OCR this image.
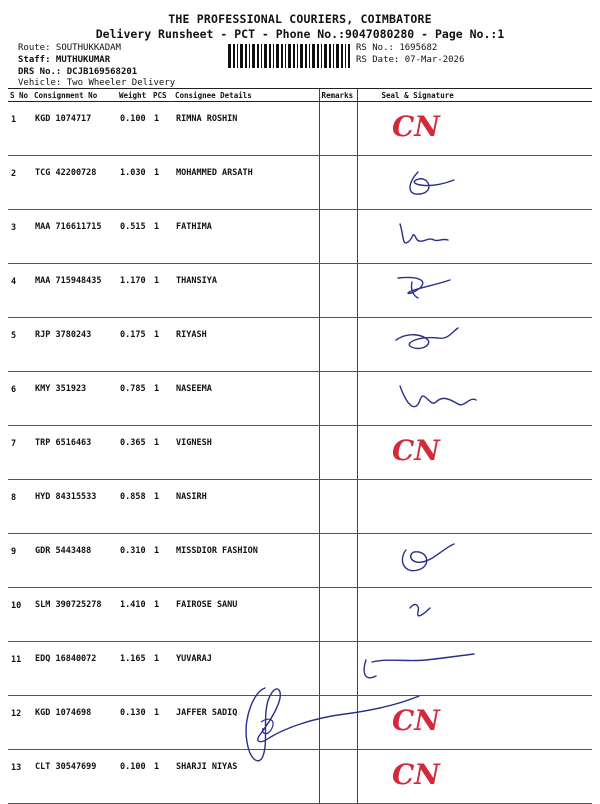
THE PROFESSIONAL COURIERS, COIMBATORE
Delivery Runsheet - PCT - Phone No.:9047080280 - Page No.:1
Route: SOUTHUKKADAM
Staff: MUTHUKUMAR
DRS No.: DCJB169568201
Vehicle: Two Wheeler Delivery
RS No.: 1695682
RS Date: 07-Mar-2026
S No	Consignment No	Weight	PCS	Consignee Details	Remarks	Seal & Signature
1	KGD 1074717	0.100	1	RIMNA ROSHIN		CN

2	TCG 42200728	1.030	1	MOHAMMED ARSATH		

3	MAA 716611715	0.515	1	FATHIMA		

4	MAA 715948435	1.170	1	THANSIYA		

5	RJP 3780243	0.175	1	RIYASH		

6	KMY 351923	0.785	1	NASEEMA		

7	TRP 6516463	0.365	1	VIGNESH		CN

8	HYD 84315533	0.858	1	NASIRH		

9	GDR 5443488	0.310	1	MISSDIOR FASHION		

10	SLM 390725278	1.410	1	FAIROSE SANU		

11	EDQ 16840072	1.165	1	YUVARAJ		

12	KGD 1074698	0.130	1	JAFFER SADIQ		CN

13	CLT 30547699	0.100	1	SHARJI NIYAS		CN
